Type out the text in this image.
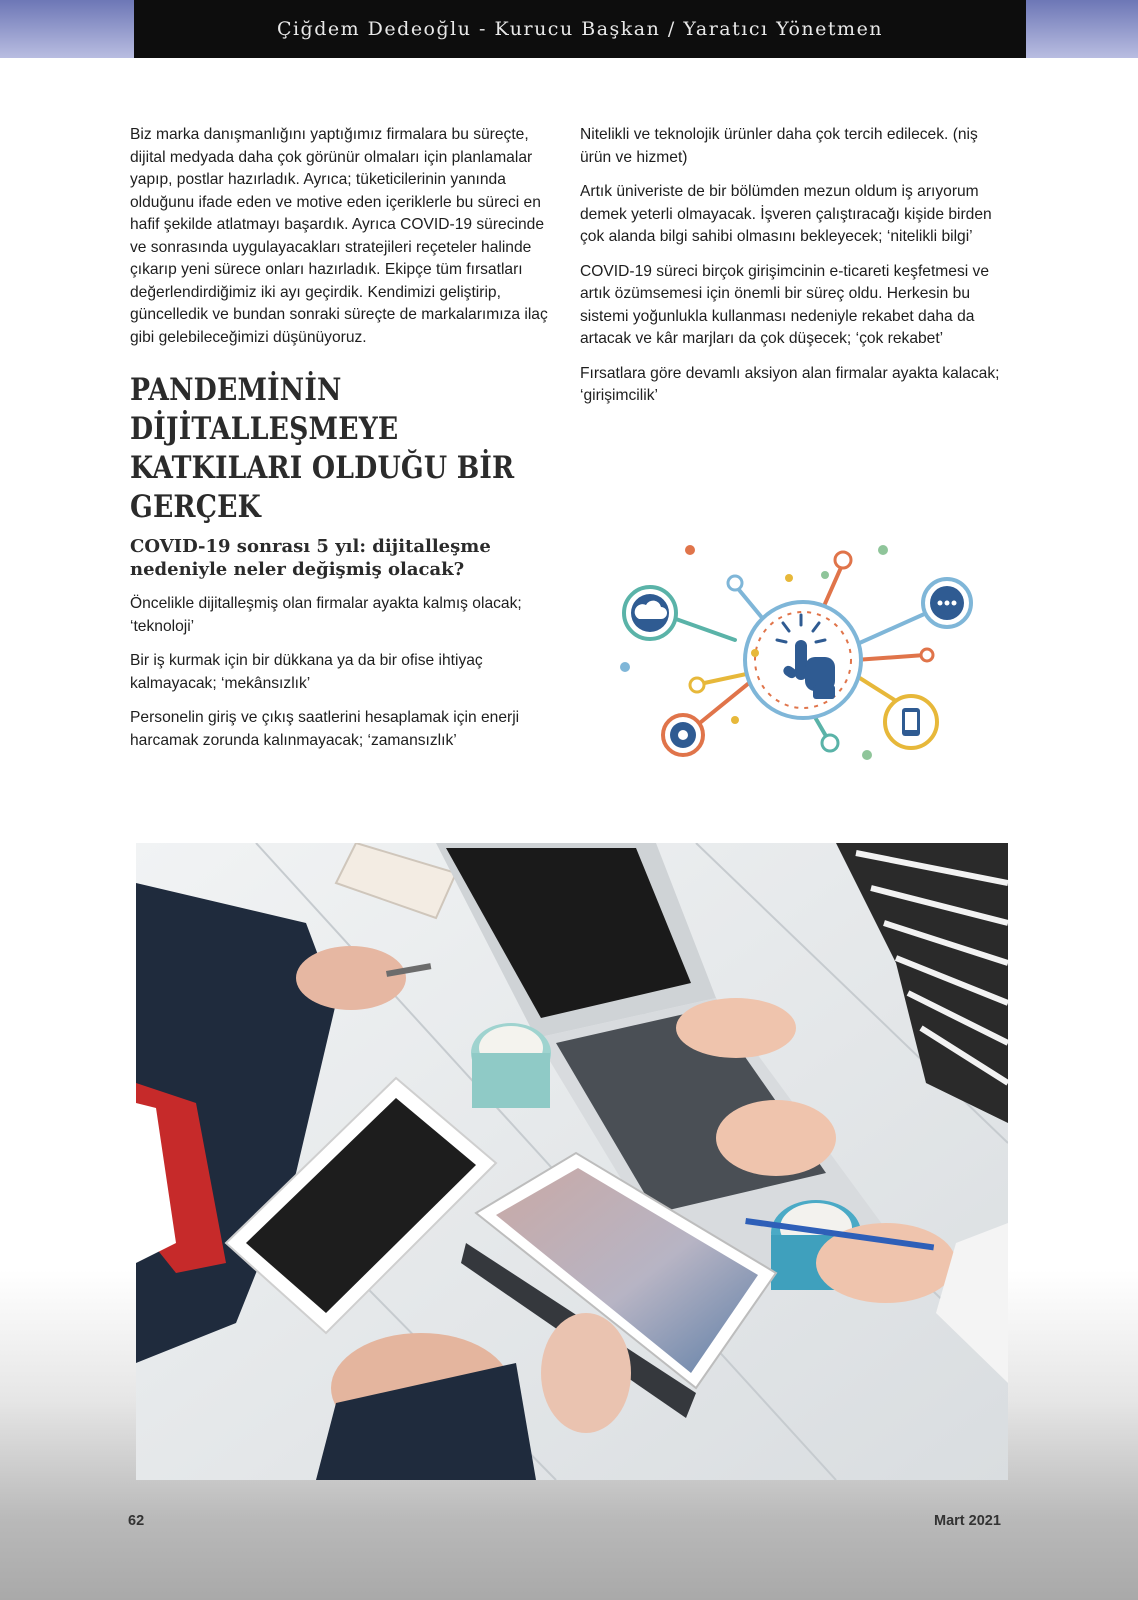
Çiğdem Dedeoğlu - Kurucu Başkan / Yaratıcı Yönetmen

Biz marka danışmanlığını yaptığımız firmalara bu süreçte, dijital medyada daha çok görünür olmaları için planlamalar yapıp, postlar hazırladık. Ayrıca; tüketicilerinin yanında olduğunu ifade eden ve motive eden içeriklerle bu süreci en hafif şekilde atlatmayı başardık. Ayrıca COVID-19 sürecinde ve sonrasında uygulayacakları stratejileri reçeteler halinde çıkarıp yeni sürece onları hazırladık. Ekipçe tüm fırsatları değerlendirdiğimiz iki ayı geçirdik. Kendimizi geliştirip, güncelledik ve bundan sonraki süreçte de markalarımıza ilaç gibi gelebileceğimizi düşünüyoruz.

PANDEMİNİN DİJİTALLEŞMEYE KATKILARI OLDUĞU BİR GERÇEK
COVID-19 sonrası 5 yıl: dijitalleşme nedeniyle neler değişmiş olacak?

Öncelikle dijitalleşmiş olan firmalar ayakta kalmış olacak; ‘teknoloji’

Bir iş kurmak için bir dükkana ya da bir ofise ihtiyaç kalmayacak; ‘mekânsızlık’

Personelin giriş ve çıkış saatlerini hesaplamak için enerji harcamak zorunda kalınmayacak; ‘zamansızlık’

Nitelikli ve teknolojik ürünler daha çok tercih edilecek. (niş ürün ve hizmet)

Artık üniveriste de bir bölümden mezun oldum iş arıyorum demek yeterli olmayacak. İşveren çalıştıracağı kişide birden çok alanda bilgi sahibi olmasını bekleyecek; ‘nitelikli bilgi’

COVID-19 süreci birçok girişimcinin e-ticareti keşfetmesi ve artık özümsemesi için önemli bir süreç oldu. Herkesin bu sistemi yoğunlukla kullanması nedeniyle rekabet daha da artacak ve kâr marjları da çok düşecek; ‘çok rekabet’

Fırsatlara göre devamlı aksiyon alan firmalar ayakta kalacak; ‘girişimcilik’

62	Mart 2021
